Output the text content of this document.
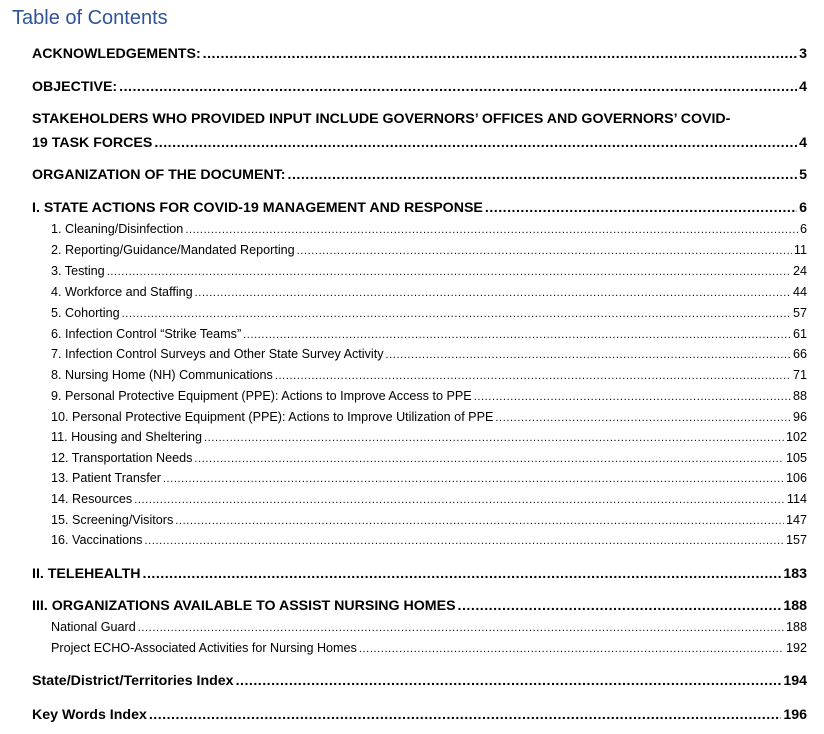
Table of Contents
ACKNOWLEDGEMENTS: .....	3
OBJECTIVE: .....	4
STAKEHOLDERS WHO PROVIDED INPUT INCLUDE GOVERNORS’ OFFICES AND GOVERNORS’ COVID-
19 TASK FORCES .....	4
ORGANIZATION OF THE DOCUMENT: .....	5
I. STATE ACTIONS FOR COVID-19 MANAGEMENT AND RESPONSE .....	6
1. Cleaning/Disinfection .....	6
2. Reporting/Guidance/Mandated Reporting .....	11
3. Testing .....	24
4. Workforce and Staffing .....	44
5. Cohorting .....	57
6. Infection Control “Strike Teams” .....	61
7. Infection Control Surveys and Other State Survey Activity .....	66
8. Nursing Home (NH) Communications .....	71
9. Personal Protective Equipment (PPE): Actions to Improve Access to PPE .....	88
10. Personal Protective Equipment (PPE): Actions to Improve Utilization of PPE .....	96
11. Housing and Sheltering .....	102
12. Transportation Needs .....	105
13. Patient Transfer .....	106
14. Resources .....	114
15. Screening/Visitors .....	147
16. Vaccinations .....	157
II. TELEHEALTH .....	183
III. ORGANIZATIONS AVAILABLE TO ASSIST NURSING HOMES .....	188
National Guard .....	188
Project ECHO-Associated Activities for Nursing Homes .....	192
State/District/Territories Index .....	194
Key Words Index .....	196
